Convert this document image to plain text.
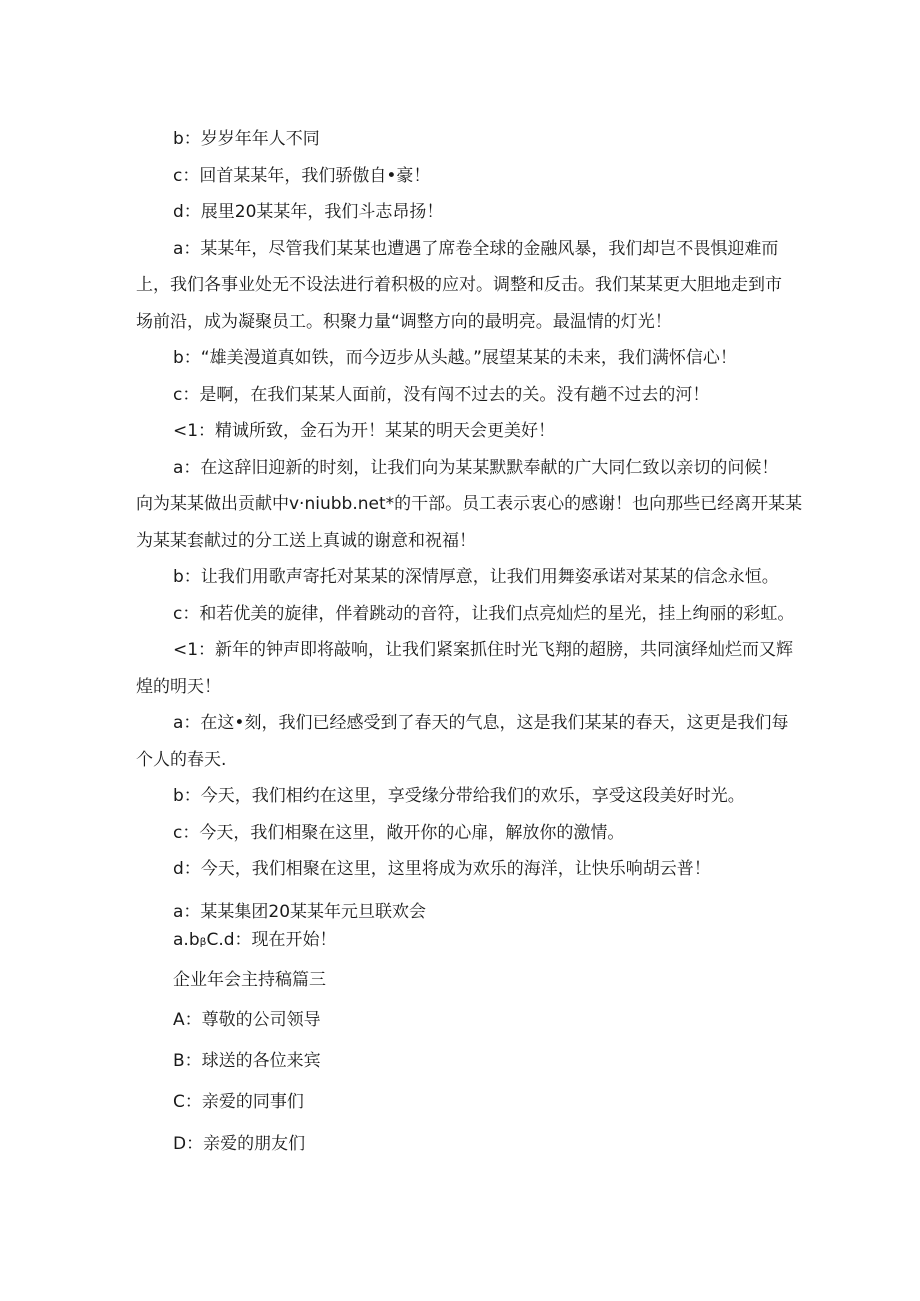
b：岁岁年年人不同
c：回首某某年，我们骄傲自•豪！
d：展里20某某年，我们斗志昂扬！
a：某某年，尽管我们某某也遭遇了席卷全球的金融风暴，我们却岂不畏惧迎难而
上，我们各事业处无不设法进行着积极的应对。调整和反击。我们某某更大胆地走到市
场前沿，成为凝聚员工。积聚力量“调整方向的最明亮。最温情的灯光！
b：“雄美漫道真如铁，而今迈步从头越。”展望某某的未来，我们满怀信心！
c：是啊，在我们某某人面前，没有闯不过去的关。没有趟不过去的河！
<1：精诚所致，金石为开！某某的明天会更美好！
a：在这辞旧迎新的时刻，让我们向为某某默默奉献的广大同仁致以亲切的问候！
向为某某做出贡献中v·niubb.net*的干部。员工表示衷心的感谢！也向那些已经离开某某
为某某套献过的分工送上真诚的谢意和祝福！
b：让我们用歌声寄托对某某的深情厚意，让我们用舞姿承诺对某某的信念永恒。
c：和若优美的旋律，伴着跳动的音符，让我们点亮灿烂的星光，挂上绚丽的彩虹。
<1：新年的钟声即将敲响，让我们紧案抓住时光飞翔的超膀，共同演绎灿烂而又辉
煌的明天！
a：在这•刻，我们已经感受到了春天的气息，这是我们某某的春天，这更是我们每
个人的春天.
b：今天，我们相约在这里，享受缘分带给我们的欢乐，享受这段美好时光。
c：今天，我们相聚在这里，敞开你的心扉，解放你的激情。
d：今天，我们相聚在这里，这里将成为欢乐的海洋，让快乐响胡云普！
a：某某集团20某某年元旦联欢会
a.bᵦC.d：现在开始！
企业年会主持稿篇三
A：尊敬的公司领导
B：球送的各位来宾
C：亲爱的同事们
D：亲爱的朋友们
